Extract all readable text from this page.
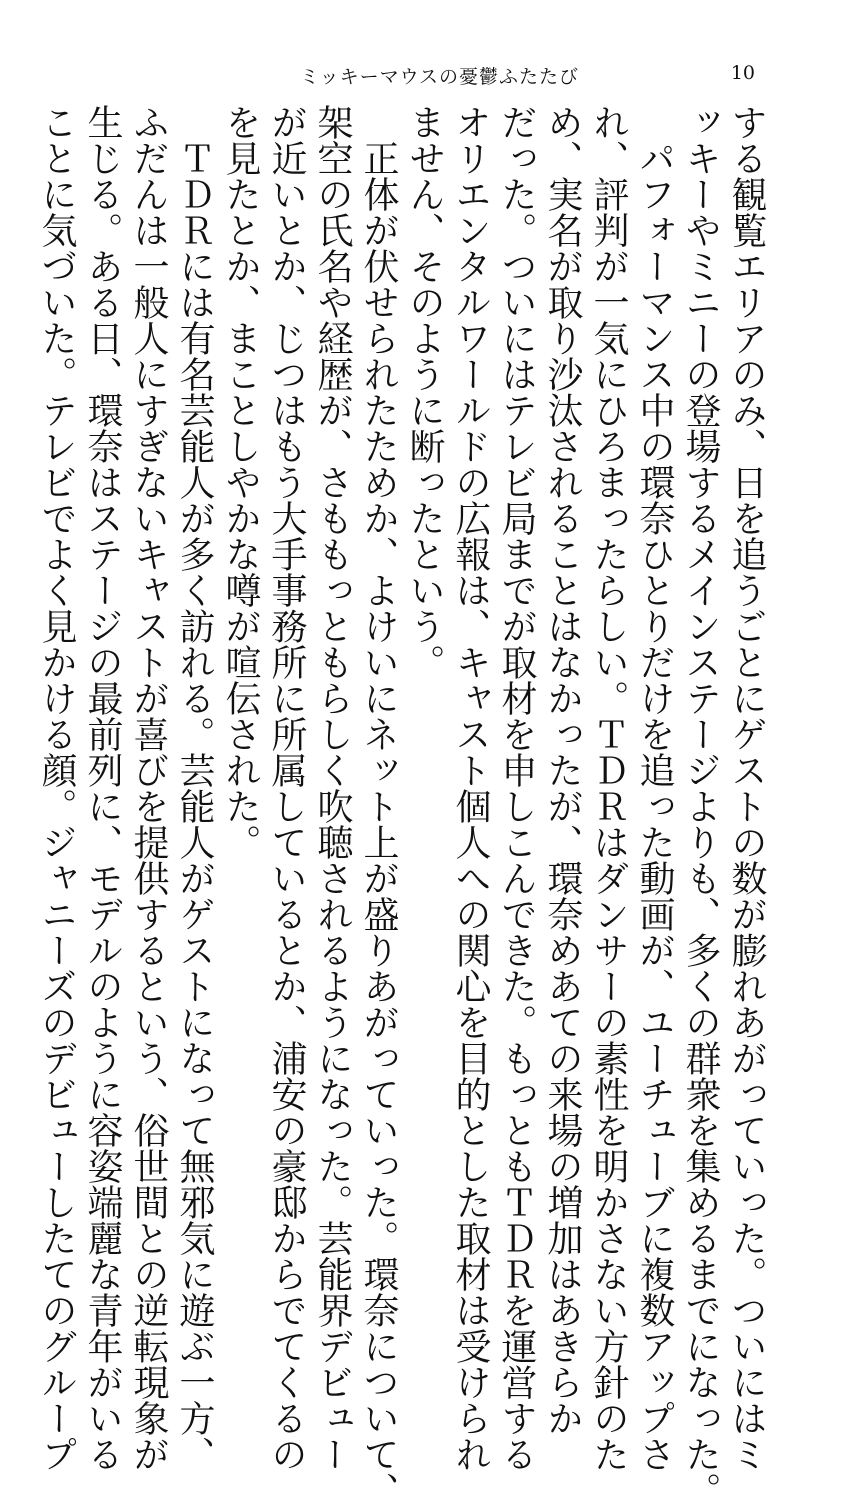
ミッキーマウスの憂鬱ふたたび	10
する観覧エリアのみ、日を追うごとにゲストの数が膨れあがっていった。ついにはミ
ッキーやミニーの登場するメインステージよりも、多くの群衆を集めるまでになった。
　パフォーマンス中の環奈ひとりだけを追った動画が、ユーチューブに複数アップさ
れ、評判が一気にひろまったらしい。ＴＤＲはダンサーの素性を明かさない方針のた
め、実名が取り沙汰されることはなかったが、環奈めあての来場の増加はあきらか
だった。ついにはテレビ局までが取材を申しこんできた。もっともＴＤＲを運営する
オリエンタルワールドの広報は、キャスト個人への関心を目的とした取材は受けられ
ません、そのように断ったという。
　正体が伏せられたためか、よけいにネット上が盛りあがっていった。環奈について、
架空の氏名や経歴が、さももっともらしく吹聴されるようになった。芸能界デビュー
が近いとか、じつはもう大手事務所に所属しているとか、浦安の豪邸からでてくるの
を見たとか、まことしやかな噂が喧伝された。
　ＴＤＲには有名芸能人が多く訪れる。芸能人がゲストになって無邪気に遊ぶ一方、
ふだんは一般人にすぎないキャストが喜びを提供するという、俗世間との逆転現象が
生じる。ある日、環奈はステージの最前列に、モデルのように容姿端麗な青年がいる
ことに気づいた。テレビでよく見かける顔。ジャニーズのデビューしたてのグループ
